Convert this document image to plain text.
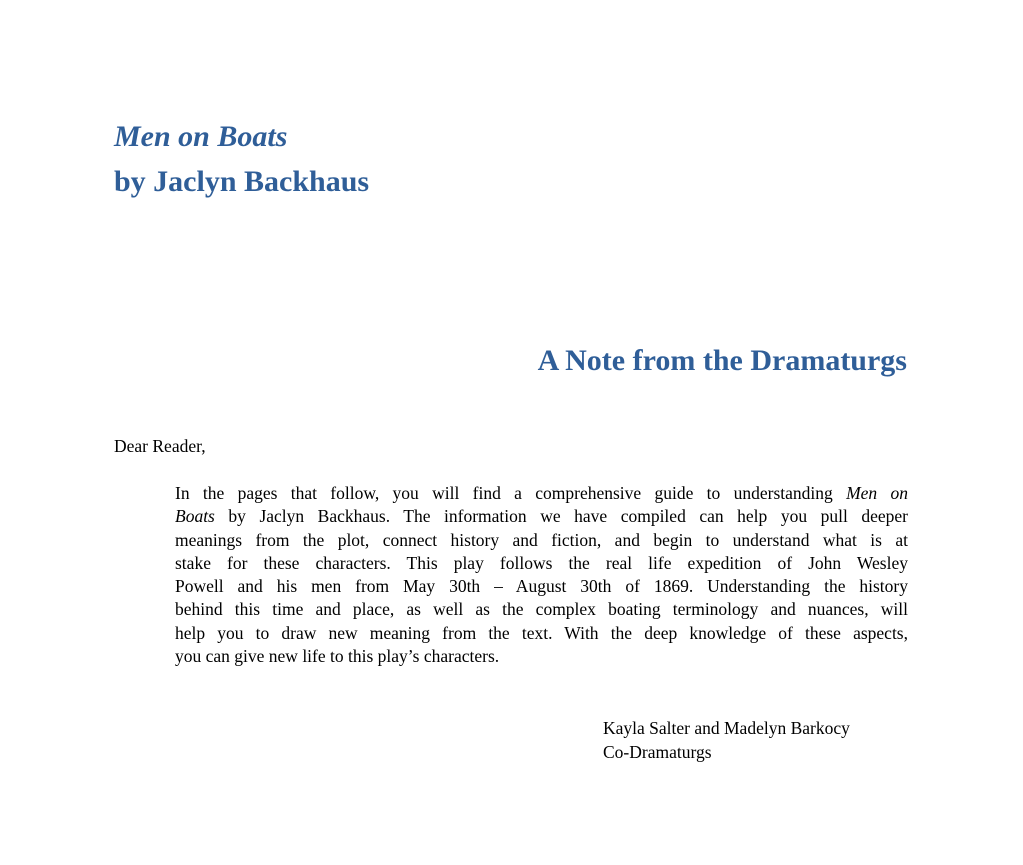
Men on Boats
by Jaclyn Backhaus
A Note from the Dramaturgs
Dear Reader,
In the pages that follow, you will find a comprehensive guide to understanding Men on
Boats by Jaclyn Backhaus. The information we have compiled can help you pull deeper
meanings from the plot, connect history and fiction, and begin to understand what is at
stake for these characters. This play follows the real life expedition of John Wesley
Powell and his men from May 30th – August 30th of 1869. Understanding the history
behind this time and place, as well as the complex boating terminology and nuances, will
help you to draw new meaning from the text. With the deep knowledge of these aspects,
you can give new life to this play’s characters.
Kayla Salter and Madelyn Barkocy
Co-Dramaturgs
